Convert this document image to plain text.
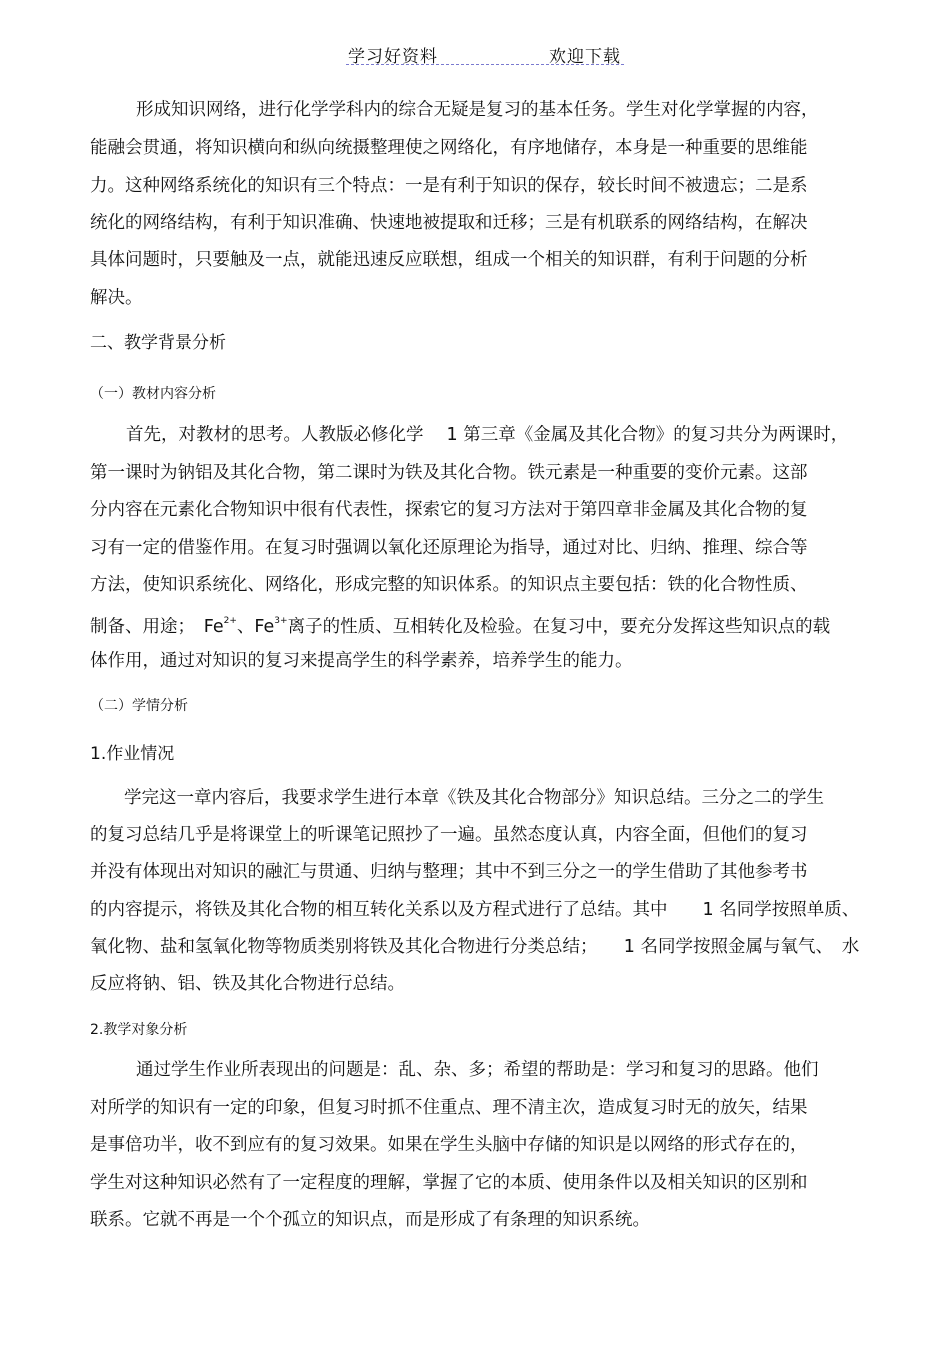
学习好资料	欢迎下载
形成知识网络，进行化学学科内的综合无疑是复习的基本任务。学生对化学掌握的内容，
能融会贯通，将知识横向和纵向统摄整理使之网络化，有序地储存，本身是一种重要的思维能
力。这种网络系统化的知识有三个特点：一是有利于知识的保存，较长时间不被遗忘；二是系
统化的网络结构，有利于知识准确、快速地被提取和迁移；三是有机联系的网络结构，在解决
具体问题时，只要触及一点，就能迅速反应联想，组成一个相关的知识群，有利于问题的分析
解决。
二、教学背景分析
（一）教材内容分析
首先，对教材的思考。人教版必修化学　 1 第三章《金属及其化合物》的复习共分为两课时，
第一课时为钠铝及其化合物，第二课时为铁及其化合物。铁元素是一种重要的变价元素。这部
分内容在元素化合物知识中很有代表性，探索它的复习方法对于第四章非金属及其化合物的复
习有一定的借鉴作用。在复习时强调以氧化还原理论为指导，通过对比、归纳、推理、综合等
方法，使知识系统化、网络化，形成完整的知识体系。的知识点主要包括：铁的化合物性质、
制备、用途；　$Fe^{2+}$、$Fe^{3+}$离子的性质、互相转化及检验。在复习中，要充分发挥这些知识点的载
体作用，通过对知识的复习来提高学生的科学素养，培养学生的能力。
（二）学情分析
1.作业情况
学完这一章内容后，我要求学生进行本章《铁及其化合物部分》知识总结。三分之二的学生
的复习总结几乎是将课堂上的听课笔记照抄了一遍。虽然态度认真，内容全面，但他们的复习
并没有体现出对知识的融汇与贯通、归纳与整理；其中不到三分之一的学生借助了其他参考书
的内容提示，将铁及其化合物的相互转化关系以及方程式进行了总结。其中　　1 名同学按照单质、
氧化物、盐和氢氧化物等物质类别将铁及其化合物进行分类总结；　　1 名同学按照金属与氧气、　水
反应将钠、铝、铁及其化合物进行总结。
2.教学对象分析
通过学生作业所表现出的问题是：乱、杂、多；希望的帮助是：学习和复习的思路。他们
对所学的知识有一定的印象，但复习时抓不住重点、理不清主次，造成复习时无的放矢，结果
是事倍功半，收不到应有的复习效果。如果在学生头脑中存储的知识是以网络的形式存在的，
学生对这种知识必然有了一定程度的理解，掌握了它的本质、使用条件以及相关知识的区别和
联系。它就不再是一个个孤立的知识点，而是形成了有条理的知识系统。
